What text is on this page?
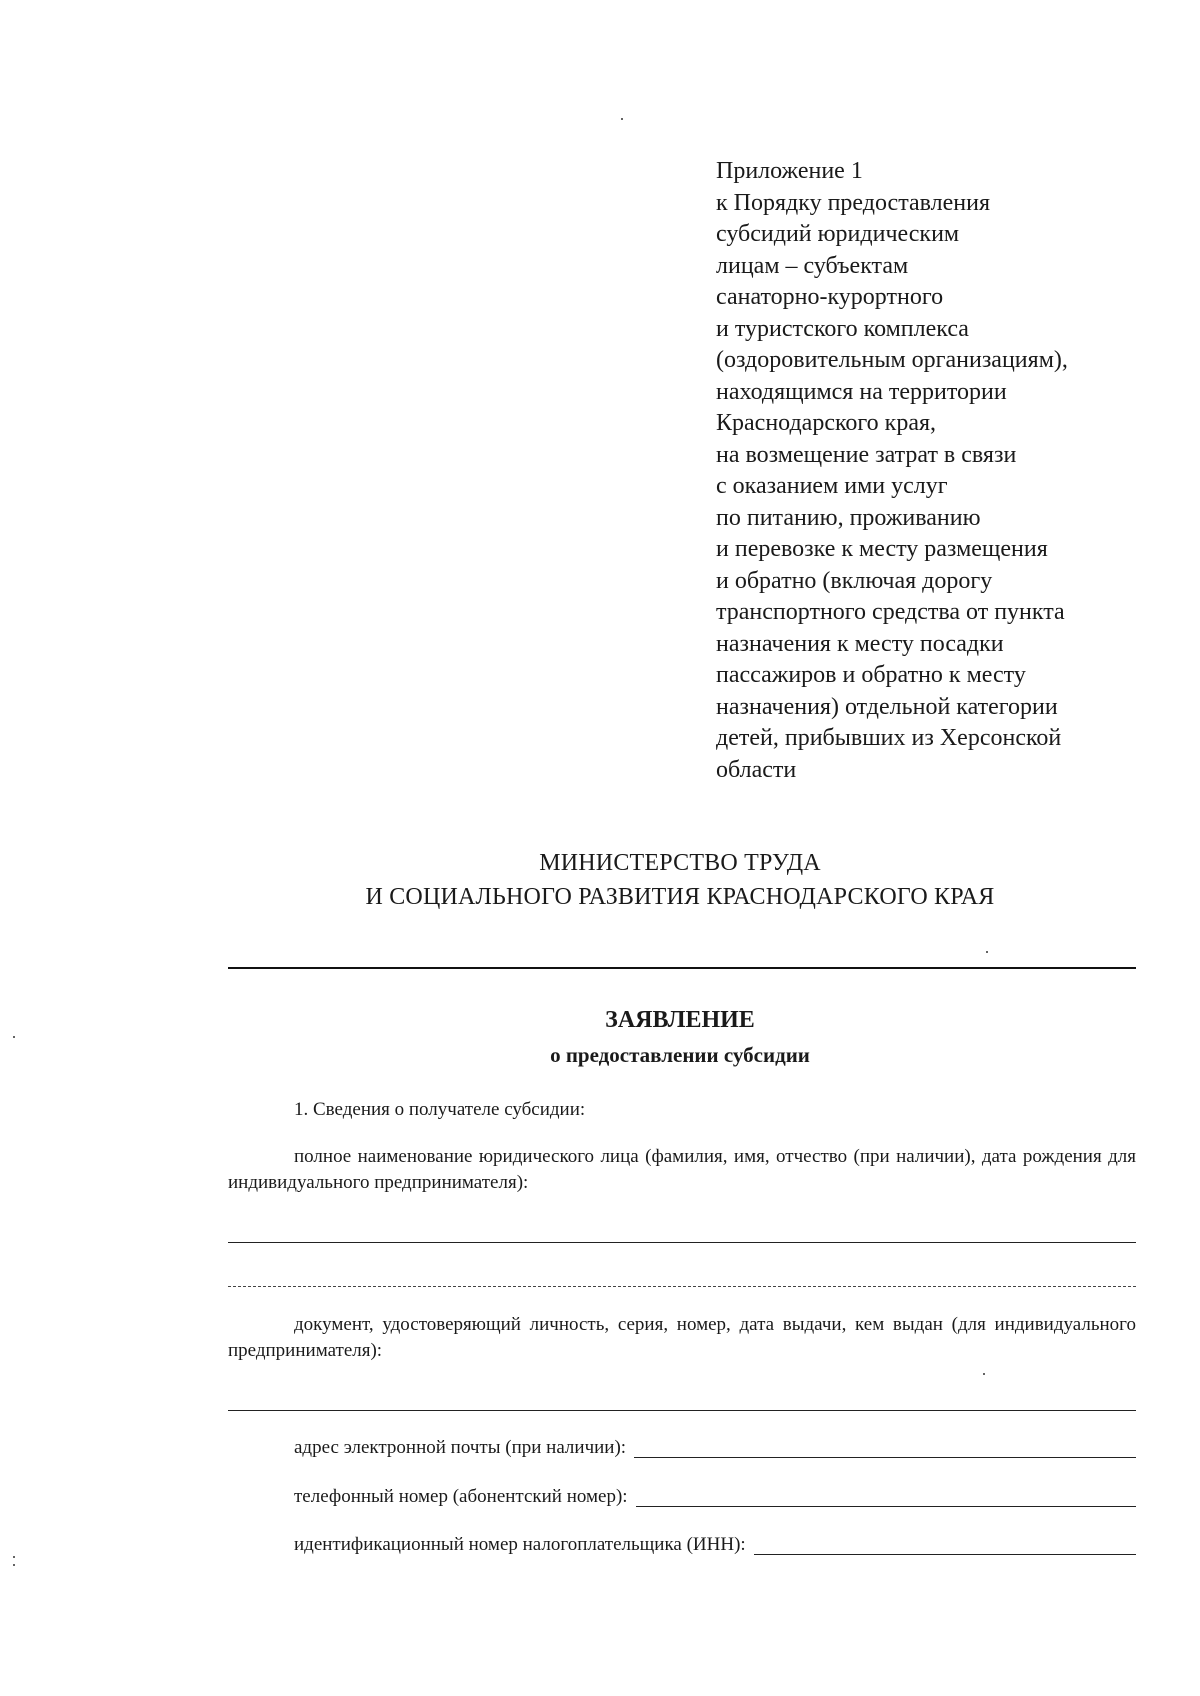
Приложение 1
к Порядку предоставления
субсидий юридическим
лицам – субъектам
санаторно-курортного
и туристского комплекса
(оздоровительным организациям),
находящимся на территории
Краснодарского края,
на возмещение затрат в связи
с оказанием ими услуг
по питанию, проживанию
и перевозке к месту размещения
и обратно (включая дорогу
транспортного средства от пункта
назначения к месту посадки
пассажиров и обратно к месту
назначения) отдельной категории
детей, прибывших из Херсонской
области
МИНИСТЕРСТВО ТРУДА
И СОЦИАЛЬНОГО РАЗВИТИЯ КРАСНОДАРСКОГО КРАЯ
ЗАЯВЛЕНИЕ
о предоставлении субсидии
1. Сведения о получателе субсидии:
полное наименование юридического лица (фамилия, имя, отчество (при наличии), дата рождения для индивидуального предпринимателя):
документ, удостоверяющий личность, серия, номер, дата выдачи, кем выдан (для индивидуального предпринимателя):
адрес электронной почты (при наличии):
телефонный номер (абонентский номер):
идентификационный номер налогоплательщика (ИНН):
